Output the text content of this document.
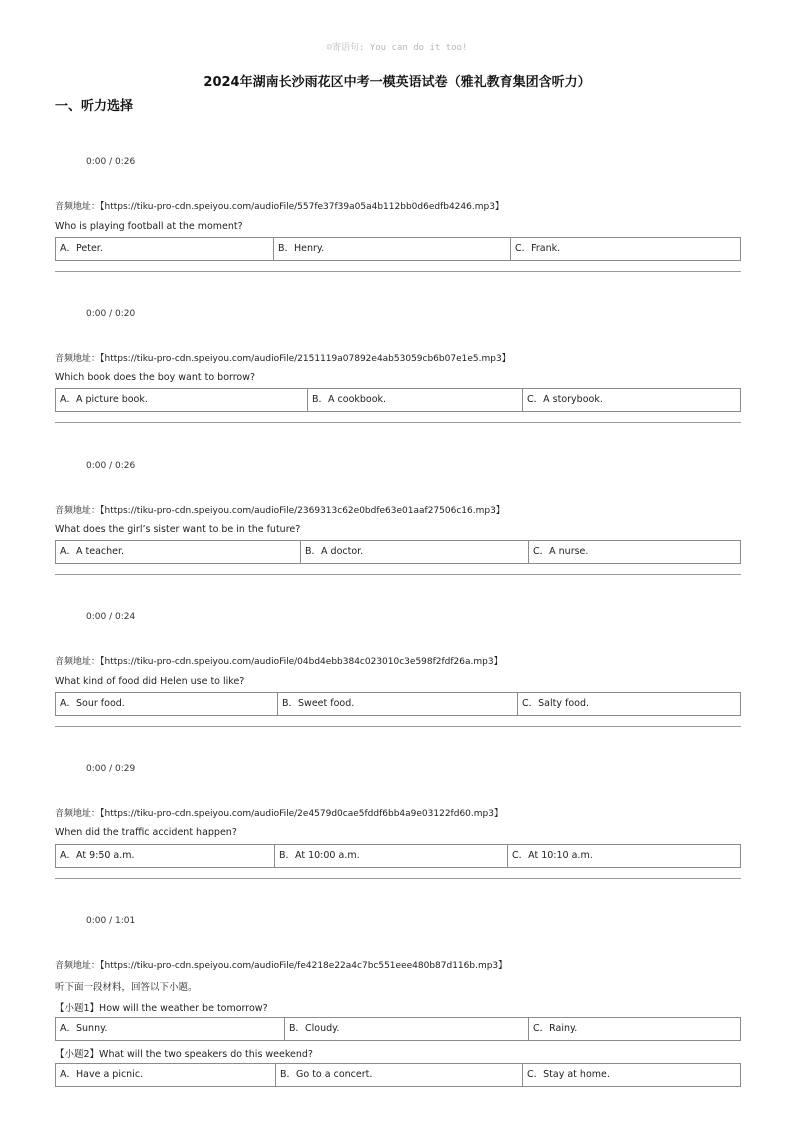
☺寄语句: You can do it too!
2024年湖南长沙雨花区中考一模英语试卷（雅礼教育集团含听力）
一、听力选择
0:00 / 0:26
音频地址：【https://tiku-pro-cdn.speiyou.com/audioFile/557fe37f39a05a4b112bb0d6edfb4246.mp3】
Who is playing football at the moment?
A．Peter.	B．Henry.	C．Frank.
0:00 / 0:20
音频地址：【https://tiku-pro-cdn.speiyou.com/audioFile/2151119a07892e4ab53059cb6b07e1e5.mp3】
Which book does the boy want to borrow?
A．A picture book.	B．A cookbook.	C．A storybook.
0:00 / 0:26
音频地址：【https://tiku-pro-cdn.speiyou.com/audioFile/2369313c62e0bdfe63e01aaf27506c16.mp3】
What does the girl’s sister want to be in the future?
A．A teacher.	B．A doctor.	C．A nurse.
0:00 / 0:24
音频地址：【https://tiku-pro-cdn.speiyou.com/audioFile/04bd4ebb384c023010c3e598f2fdf26a.mp3】
What kind of food did Helen use to like?
A．Sour food.	B．Sweet food.	C．Salty food.
0:00 / 0:29
音频地址：【https://tiku-pro-cdn.speiyou.com/audioFile/2e4579d0cae5fddf6bb4a9e03122fd60.mp3】
When did the traffic accident happen?
A．At 9:50 a.m.	B．At 10:00 a.m.	C．At 10:10 a.m.
0:00 / 1:01
音频地址：【https://tiku-pro-cdn.speiyou.com/audioFile/fe4218e22a4c7bc551eee480b87d116b.mp3】
听下面一段材料，回答以下小题。
【小题1】How will the weather be tomorrow?
A．Sunny.	B．Cloudy.	C．Rainy.
【小题2】What will the two speakers do this weekend?
A．Have a picnic.	B．Go to a concert.	C．Stay at home.
